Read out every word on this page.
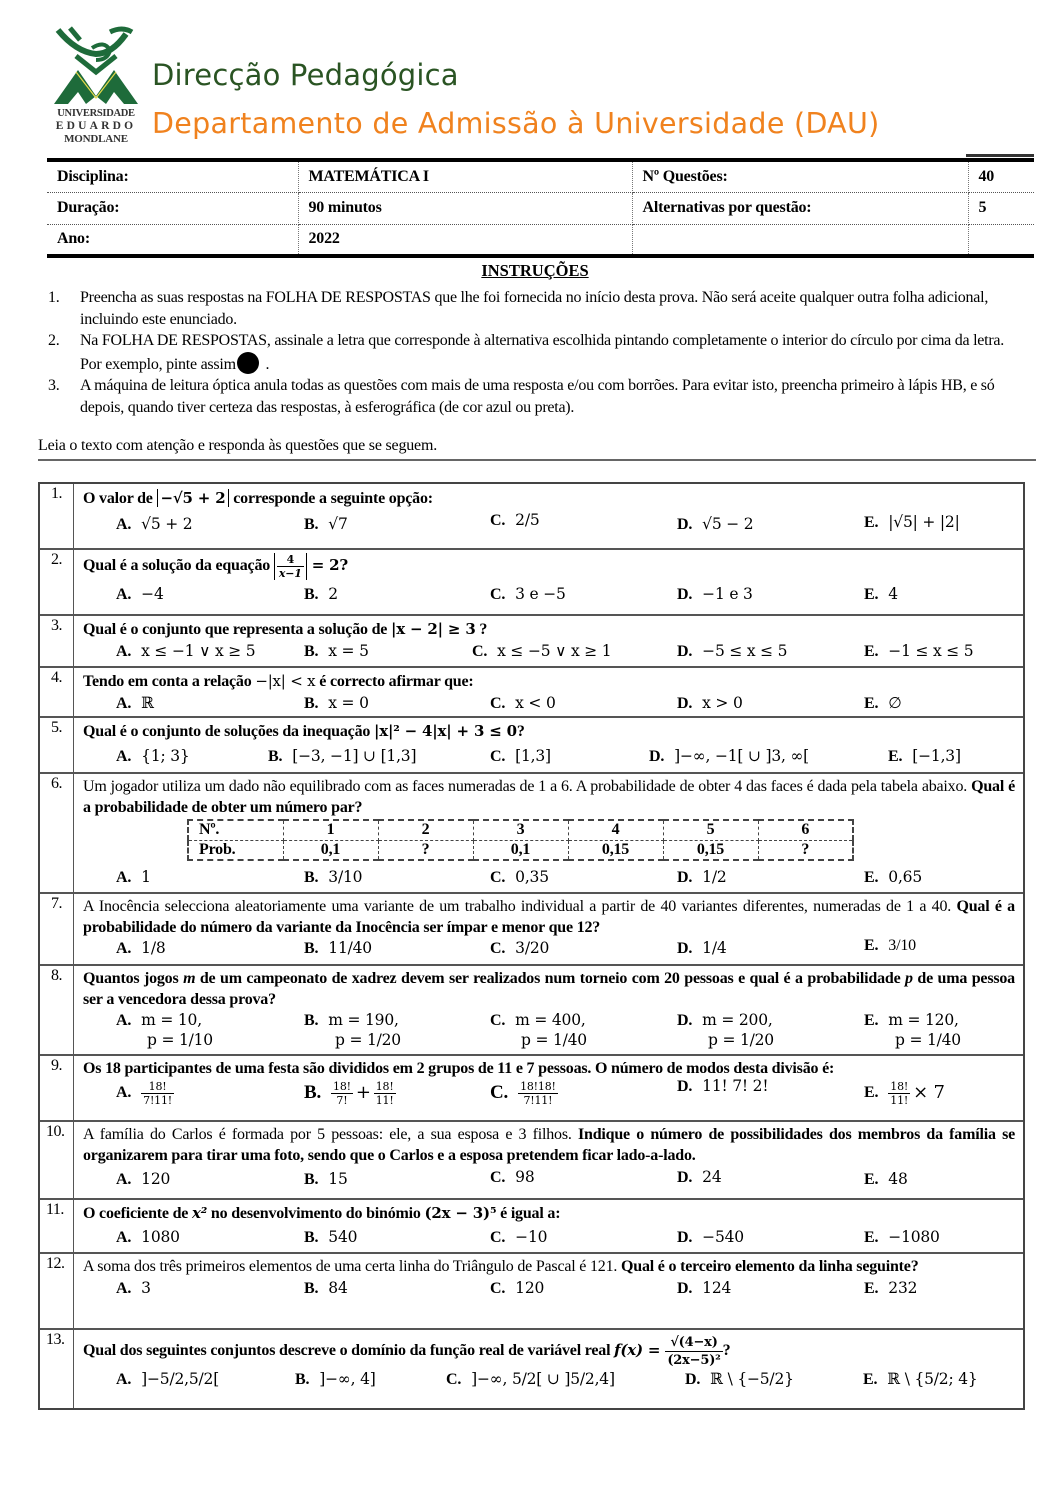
UNIVERSIDADE
EDUARDO
MONDLANE
Direcção Pedagógica
Departamento de Admissão à Universidade (DAU)
Disciplina:	MATEMÁTICA I	Nº Questões:	40
Duração:	90 minutos	Alternativas por questão:	5
Ano:	2022		
INSTRUÇÕES
1. Preencha as suas respostas na FOLHA DE RESPOSTAS que lhe foi fornecida no início desta prova. Não será aceite qualquer outra folha adicional, incluindo este enunciado.
2. Na FOLHA DE RESPOSTAS, assinale a letra que corresponde à alternativa escolhida pintando completamente o interior do círculo por cima da letra. Por exemplo, pinte assim .
3. A máquina de leitura óptica anula todas as questões com mais de uma resposta e/ou com borrões. Para evitar isto, preencha primeiro à lápis HB, e só depois, quando tiver certeza das respostas, à esferográfica (de cor azul ou preta).
Leia o texto com atenção e responda às questões que se seguem.
1.	O valor de −√5 + 2 corresponde a seguinte opção:
A. √5 + 2	B. √7	C. 2/5	D. √5 − 2	E. |√5| + |2|
2.	Qual é a solução da equação $\frac{4}{x-1} = 2$?
A. −4	B. 2	C. 3 e −5	D. −1 e 3	E. 4
3.	Qual é o conjunto que representa a solução de |x − 2| ≥ 3 ?
A. x ≤ −1 ∨ x ≥ 5	B. x = 5	C. x ≤ −5 ∨ x ≥ 1	D. −5 ≤ x ≤ 5	E. −1 ≤ x ≤ 5
4.	Tendo em conta a relação −|x| < x é correcto afirmar que:
A. ℝ	B. x = 0	C. x < 0	D. x > 0	E. ∅
5.	Qual é o conjunto de soluções da inequação |x|² − 4|x| + 3 ≤ 0?
A. {1; 3}	B. [−3, −1] ∪ [1,3]	C. [1,3]	D. ]−∞, −1[ ∪ ]3, ∞[	E. [−1,3]
6.	Um jogador utiliza um dado não equilibrado com as faces numeradas de 1 a 6. A probabilidade de obter 4 das faces é dada pela tabela abaixo. Qual é a probabilidade de obter um número par?
Nº.	1	2	3	4	5	6
Prob.	0,1	?	0,1	0,15	0,15	?
A. 1	B. 3/10	C. 0,35	D. 1/2	E. 0,65
7.	A Inocência selecciona aleatoriamente uma variante de um trabalho individual a partir de 40 variantes diferentes, numeradas de 1 a 40. Qual é a probabilidade do número da variante da Inocência ser ímpar e menor que 12?
A. 1/8	B. 11/40	C. 3/20	D. 1/4	E. 3/10
8.	Quantos jogos m de um campeonato de xadrez devem ser realizados num torneio com 20 pessoas e qual é a probabilidade p de uma pessoa ser a vencedora dessa prova?
A. m = 10,
p = 1/10
B. m = 190,
p = 1/20
C. m = 400,
p = 1/40
D. m = 200,
p = 1/20
E. m = 120,
p = 1/40
9.	Os 18 participantes de uma festa são divididos em 2 grupos de 11 e 7 pessoas. O número de modos desta divisão é:
A. $\frac{18!}{7!11!}$	B. $\frac{18!}{7!} + \frac{18!}{11!}$	C. $\frac{18!18!}{7!11!}$	D. 11! 7! 2!	E. $\frac{18!}{11!} \times 7$
10.	A família do Carlos é formada por 5 pessoas: ele, a sua esposa e 3 filhos. Indique o número de possibilidades dos membros da família se organizarem para tirar uma foto, sendo que o Carlos e a esposa pretendem ficar lado-a-lado.
A. 120	B. 15	C. 98	D. 24	E. 48
11.	O coeficiente de x² no desenvolvimento do binómio (2x − 3)⁵ é igual a:
A. 1080	B. 540	C. −10	D. −540	E. −1080
12.	A soma dos três primeiros elementos de uma certa linha do Triângulo de Pascal é 121. Qual é o terceiro elemento da linha seguinte?
A. 3	B. 84	C. 120	D. 124	E. 232
13.
Qual dos seguintes conjuntos descreve o domínio da função real de variável real $f(x) = \frac{√(4-x)}{\text{(2x−5)²}}$ ?
A. ]−5/2,5/2[	B. ]−∞, 4]	C. ]−∞, 5/2[ ∪ ]5/2,4]	D. ℝ \ {−5/2}	E. ℝ \ {5/2; 4}
